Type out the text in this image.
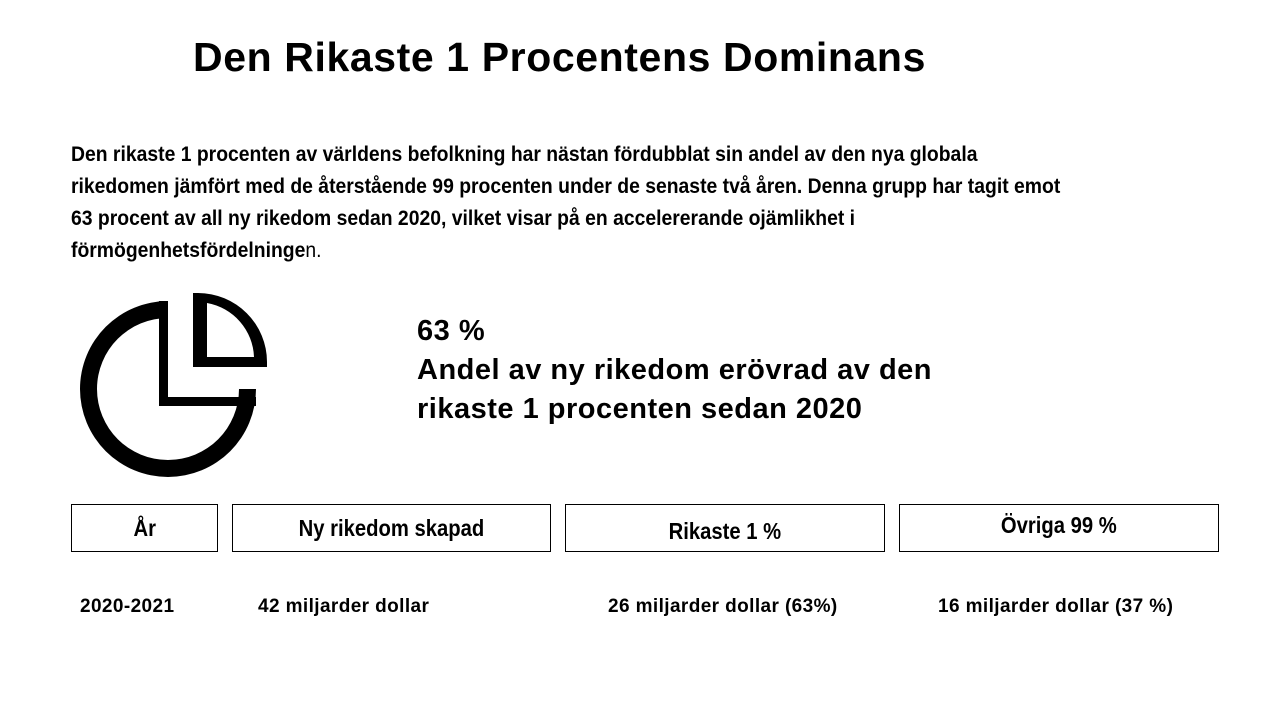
Den Rikaste 1 Procentens Dominans
Den rikaste 1 procenten av världens befolkning har nästan fördubblat sin andel av den nya globala
rikedomen jämfört med de återstående 99 procenten under de senaste två åren. Denna grupp har tagit emot
63 procent av all ny rikedom sedan 2020, vilket visar på en accelererande ojämlikhet i
förmögenhetsfördelningen.
63 %
Andel av ny rikedom erövrad av den
rikaste 1 procenten sedan 2020
År	Ny rikedom skapad	Rikaste 1 %	Övriga 99 %
2020-2021	42 miljarder dollar	26 miljarder dollar (63%)	16 miljarder dollar (37 %)
